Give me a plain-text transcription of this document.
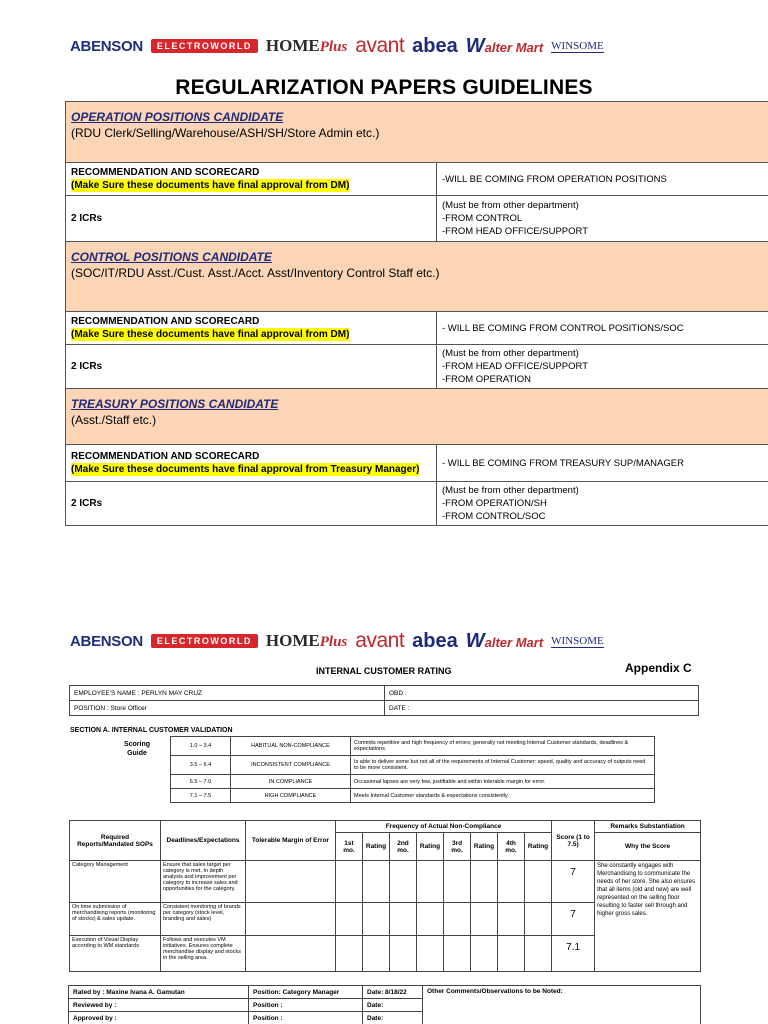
ABENSON	ELECTROWORLD HOMEPlus avant abea Walter Mart WINSOME
REGULARIZATION PAPERS GUIDELINES
OPERATION POSITIONS CANDIDATE
(RDU Clerk/Selling/Warehouse/ASH/SH/Store Admin etc.)	

RECOMMENDATION AND SCORECARD
(Make Sure these documents have final approval from DM)	-WILL BE COMING FROM OPERATION POSITIONS
2 ICRs	(Must be from other department)
-FROM CONTROL
-FROM HEAD OFFICE/SUPPORT

CONTROL POSITIONS CANDIDATE
(SOC/IT/RDU Asst./Cust. Asst./Acct. Asst/Inventory Control Staff etc.)	

RECOMMENDATION AND SCORECARD
(Make Sure these documents have final approval from DM)	- WILL BE COMING FROM CONTROL POSITIONS/SOC
2 ICRs	(Must be from other department)
-FROM HEAD OFFICE/SUPPORT
-FROM OPERATION

TREASURY POSITIONS CANDIDATE
(Asst./Staff etc.)	

RECOMMENDATION AND SCORECARD
(Make Sure these documents have final approval from Treasury Manager)	- WILL BE COMING FROM TREASURY SUP/MANAGER
2 ICRs	(Must be from other department)
-FROM OPERATION/SH
-FROM CONTROL/SOC
ABENSON	ELECTROWORLD HOMEPlus avant abea Walter Mart WINSOME
INTERNAL CUSTOMER RATING	Appendix C
EMPLOYEE'S NAME : PERLYN MAY CRUZ	OBD :
POSITION : Store Officer	DATE :
SECTION A. INTERNAL CUSTOMER VALIDATION
Scoring Guide
1.0 – 3.4	HABITUAL NON-COMPLIANCE	Commits repetitive and high frequency of errors; generally not meeting Internal Customer standards, deadlines & expectations.
3.5 – 6.4	INCONSISTENT COMPLIANCE	Is able to deliver some but not all of the requirements of Internal Customer: speed, quality and accuracy of outputs need to be more consistent.
6.5 – 7.0	IN COMPLIANCE	Occasional lapses are very few, justifiable and within tolerable margin for error.
7.1 – 7.5	HIGH COMPLIANCE	Meets Internal Customer standards & expectations consistently
Required Reports/Mandated SOPs	Deadlines/Expectations	Tolerable Margin of Error	Frequency of Actual Non-Compliance								Score (1 to 7.5)	Remarks Substantiation
			1st mo.	Rating	2nd mo.	Rating	3rd mo.	Rating	4th mo.	Rating		Why the Score
Category Management	Ensure that sales target per category is met. In depth analysis and improvement per category to increase sales and opportunities for the category.										7	She constantly engages with Merchandising to communicate the needs of her store. She also ensures that all items (old and new) are well represented on the selling floor resulting to faster sell through and higher gross sales.
On time submission of merchandising reports (monitoring of stocks) & sales update.	Consistent monitoring of brands per category (stock level, branding and sales)										7	
Execution of Visual Display according to WM standards	Follows and executes VM initiatives. Ensures complete merchandise display and stocks in the selling area.										7.1	
Rated by : Maxine Ivana A. Gamutan	Position: Category Manager	Date: 8/18/22	Other Comments/Observations to be Noted:
Reviewed by :	Position :	Date:	
Approved by :	Position :	Date:	
